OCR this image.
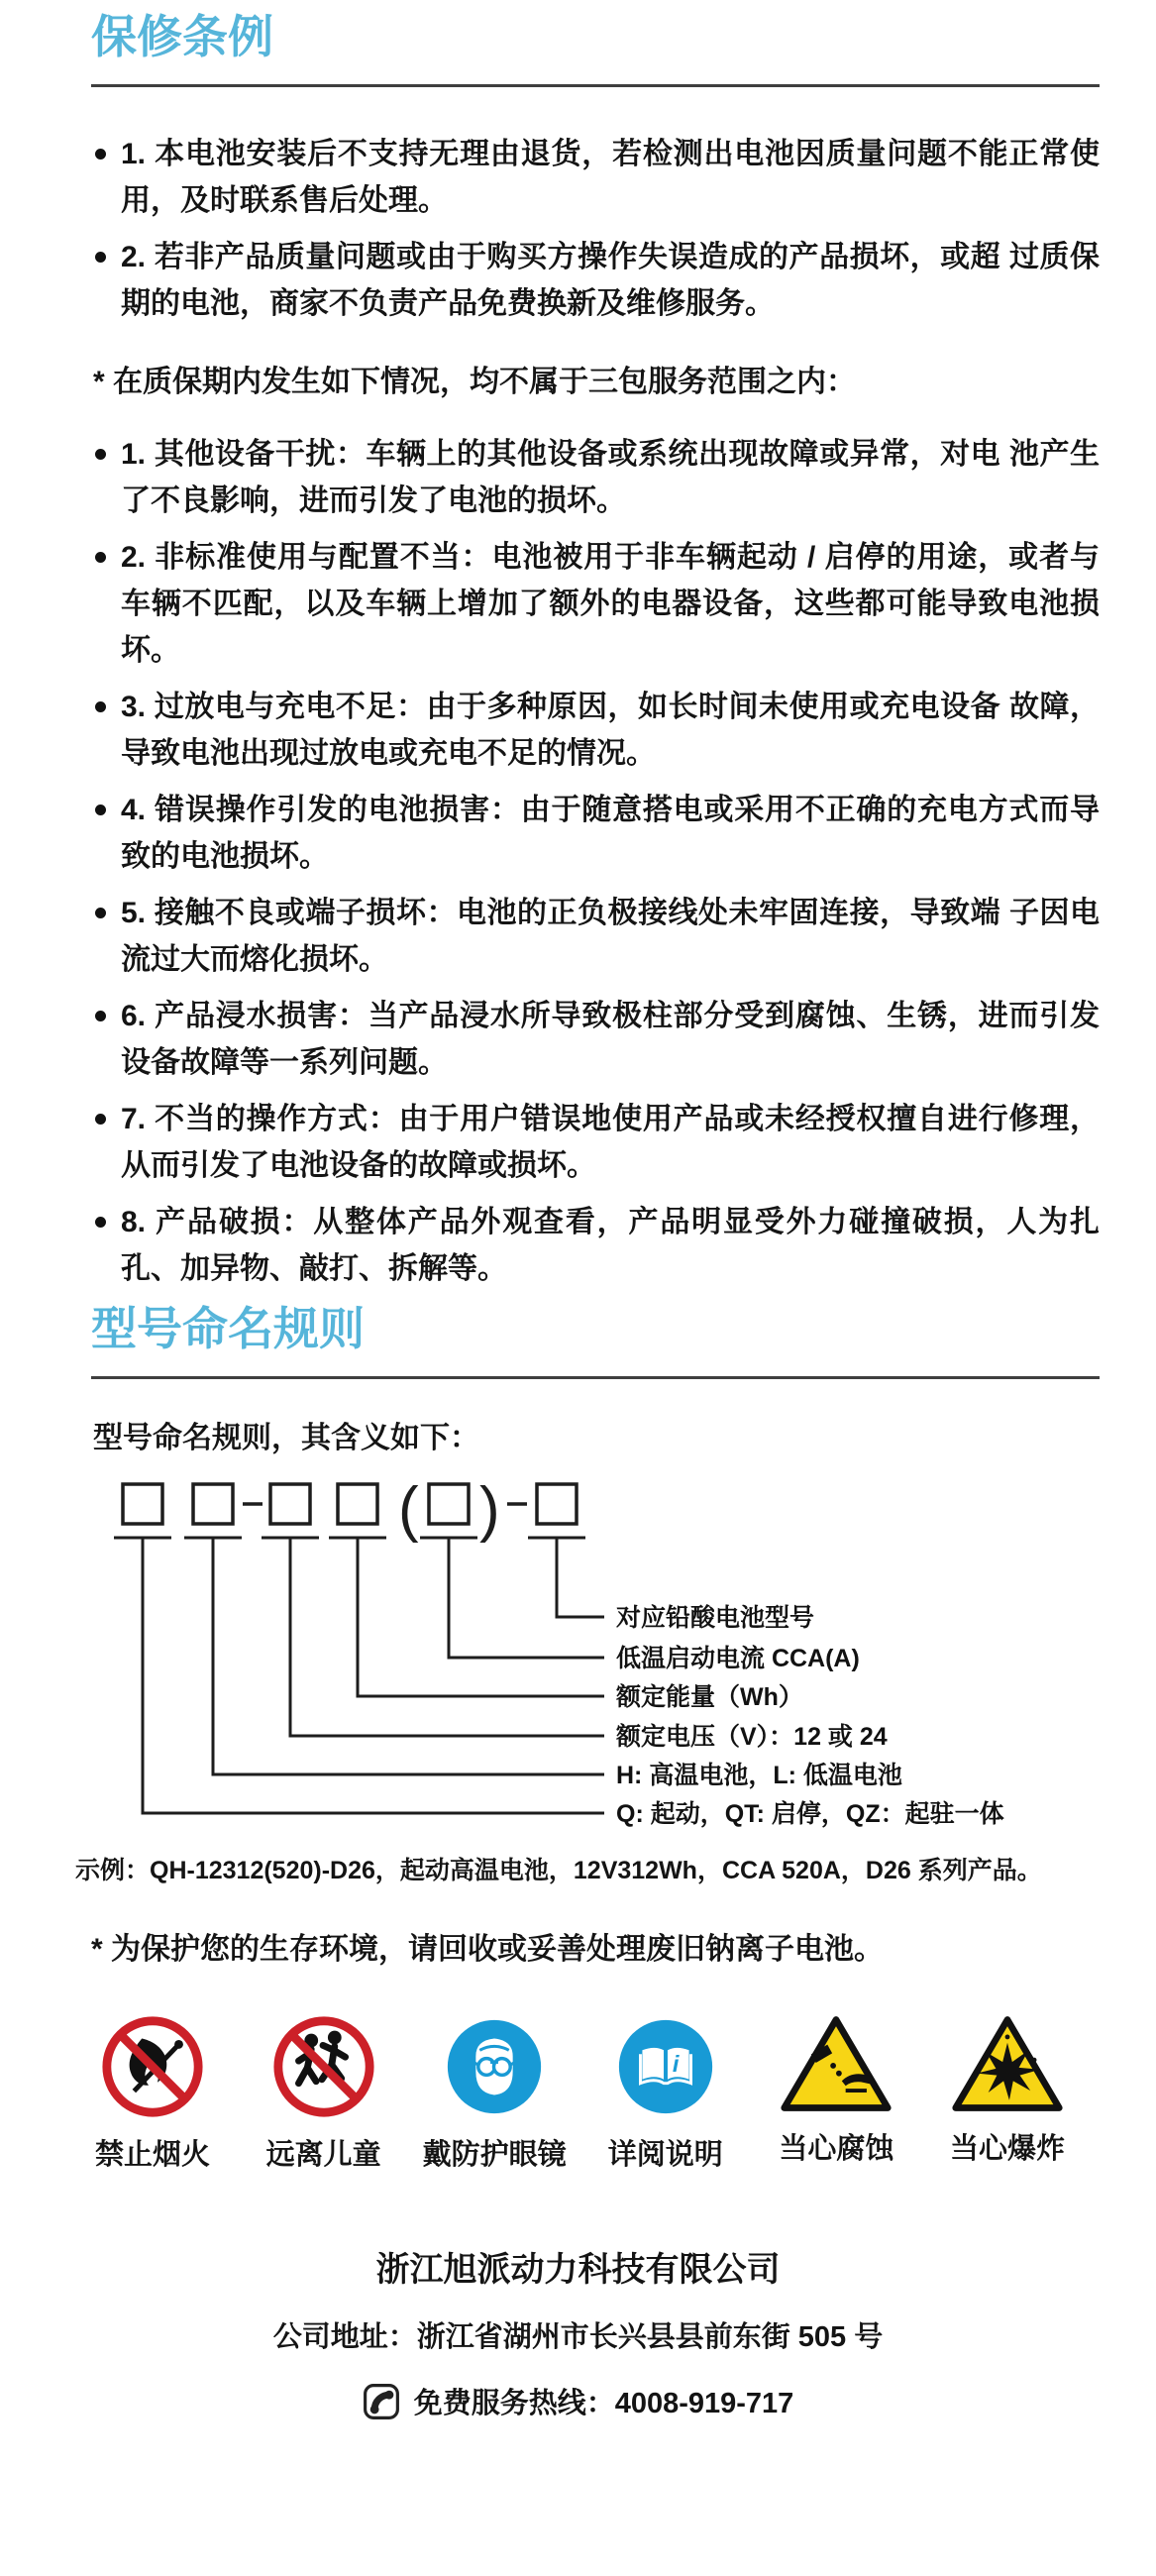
保修条例

1. 本电池安装后不支持无理由退货，若检测出电池因质量问题不能正常使用，及时联系售后处理。

2. 若非产品质量问题或由于购买方操作失误造成的产品损坏，或超 过质保期的电池，商家不负责产品免费换新及维修服务。

* 在质保期内发生如下情况，均不属于三包服务范围之内：

1. 其他设备干扰：车辆上的其他设备或系统出现故障或异常，对电 池产生了不良影响，进而引发了电池的损坏。

2. 非标准使用与配置不当：电池被用于非车辆起动 / 启停的用途，或者与车辆不匹配，以及车辆上增加了额外的电器设备，这些都可能导致电池损坏。

3. 过放电与充电不足：由于多种原因，如长时间未使用或充电设备 故障，导致电池出现过放电或充电不足的情况。

4. 错误操作引发的电池损害：由于随意搭电或采用不正确的充电方式而导致的电池损坏。

5. 接触不良或端子损坏：电池的正负极接线处未牢固连接，导致端 子因电流过大而熔化损坏。

6. 产品浸水损害：当产品浸水所导致极柱部分受到腐蚀、生锈，进而引发设备故障等一系列问题。

7. 不当的操作方式：由于用户错误地使用产品或未经授权擅自进行修理，从而引发了电池设备的故障或损坏。

8. 产品破损：从整体产品外观查看，产品明显受外力碰撞破损，人为扎孔、加异物、敲打、拆解等。

型号命名规则

型号命名规则，其含义如下：

( )
对应铅酸电池型号
低温启动电流 CCA(A)
额定能量（Wh）
额定电压（V）：12 或 24
H: 高温电池，L: 低温电池
Q: 起动，QT: 启停，QZ：起驻一体

示例：QH-12312(520)-D26，起动高温电池，12V312Wh，CCA 520A，D26 系列产品。

* 为保护您的生存环境，请回收或妥善处理废旧钠离子电池。

禁止烟火	远离儿童	戴防护眼镜
i
详阅说明	当心腐蚀	当心爆炸
浙江旭派动力科技有限公司
公司地址：浙江省湖州市长兴县县前东街 505 号
免费服务热线：4008-919-717
